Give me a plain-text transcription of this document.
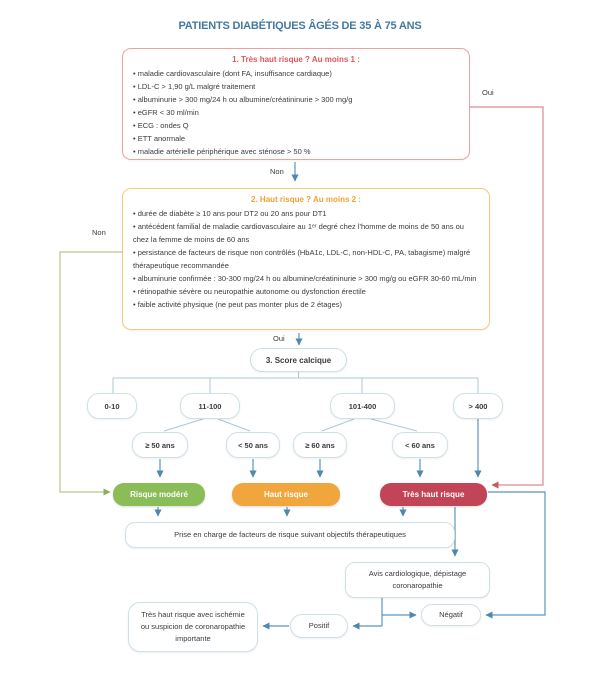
PATIENTS DIABÉTIQUES ÂGÉS DE 35 À 75 ANS
1. Très haut risque ? Au moins 1 :
• maladie cardiovasculaire (dont FA, insuffisance cardiaque)
• LDL-C > 1,90 g/L malgré traitement
• albuminurie > 300 mg/24 h ou albumine/créatininurie > 300 mg/g
• eGFR < 30 ml/min
• ECG : ondes Q
• ETT anormale
• maladie artérielle périphérique avec sténose > 50 %
Non
Oui
2. Haut risque ? Au moins 2 :
• durée de diabète ≥ 10 ans pour DT2 ou 20 ans pour DT1
• antécédent familial de maladie cardiovasculaire au 1ᵉʳ degré chez l'homme de moins de 50 ans ou chez la femme de moins de 60 ans
• persistance de facteurs de risque non contrôlés (HbA1c, LDL-C, non-HDL-C, PA, tabagisme) malgré thérapeutique recommandée
• albuminurie confirmée : 30-300 mg/24 h ou albumine/créatininurie > 300 mg/g ou eGFR 30-60 mL/min
• rétinopathie sévère ou neuropathie autonome ou dysfonction érectile
• faible activité physique (ne peut pas monter plus de 2 étages)
Non
Oui
3. Score calcique
0-10	11-100	101-400	> 400
≥ 50 ans	< 50 ans	≥ 60 ans	< 60 ans
Risque modéré	Haut risque	Très haut risque
Prise en charge de facteurs de risque suivant objectifs thérapeutiques
Avis cardiologique, dépistage coronaropathie
Négatif
Positif
Très haut risque avec ischémie ou suspicion de coronaropathie importante
